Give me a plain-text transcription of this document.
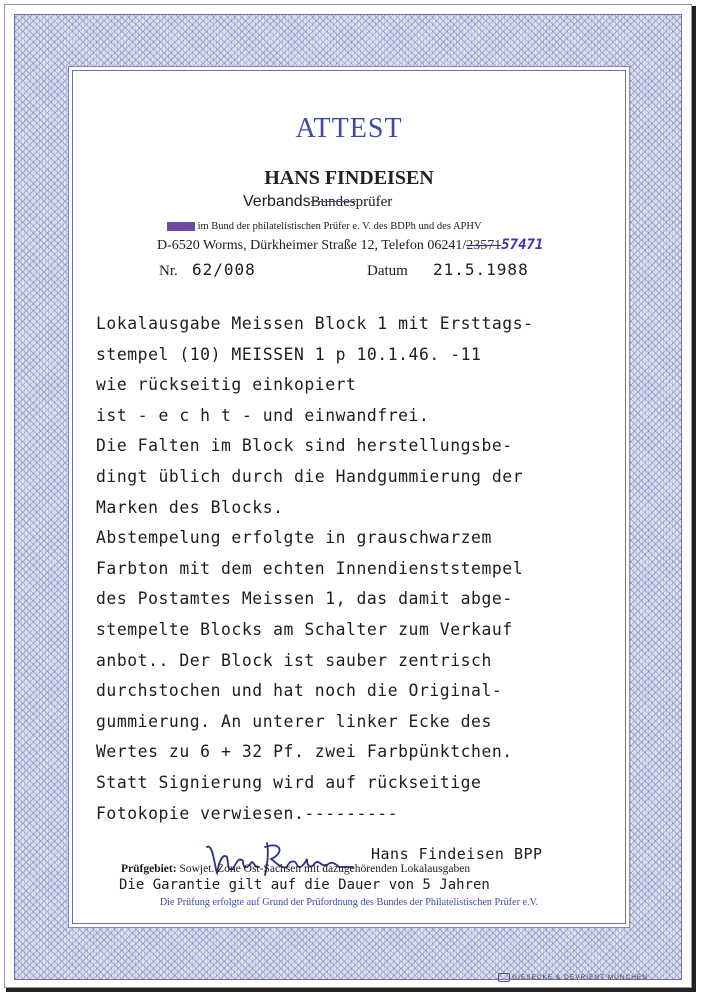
ATTEST
HANS FINDEISEN
VerbandsBundesprüfer
Mitglied im Bund der philatelistischen Prüfer e. V. des BDPh und des APHV
D-6520 Worms, Dürkheimer Straße 12, Telefon 06241/2357157471
Nr. 62/008	Datum 21.5.1988
Lokalausgabe Meissen Block 1 mit Ersttags-
stempel (10) MEISSEN 1 p 10.1.46. -11
wie rückseitig einkopiert
ist - e c h t - und einwandfrei.
Die Falten im Block sind herstellungsbe-
dingt üblich durch die Handgummierung der
Marken des Blocks.
Abstempelung erfolgte in grauschwarzem
Farbton mit dem echten Innendienststempel
des Postamtes Meissen 1, das damit abge-
stempelte Blocks am Schalter zum Verkauf
anbot.. Der Block ist sauber zentrisch
durchstochen und hat noch die Original-
gummierung. An unterer linker Ecke des
Wertes zu 6 + 32 Pf. zwei Farbpünktchen.
Statt Signierung wird auf rückseitige
Fotokopie verwiesen.---------
Hans Findeisen BPP
Prüfgebiet: Sowjet. Zone Ost-Sachsen mit dazugehörenden Lokalausgaben
Die Garantie gilt auf die Dauer von 5 Jahren
Die Prüfung erfolgte auf Grund der Prüfordnung des Bundes der Philatelistischen Prüfer e.V.
GIESECKE & DEVRIENT MÜNCHEN
